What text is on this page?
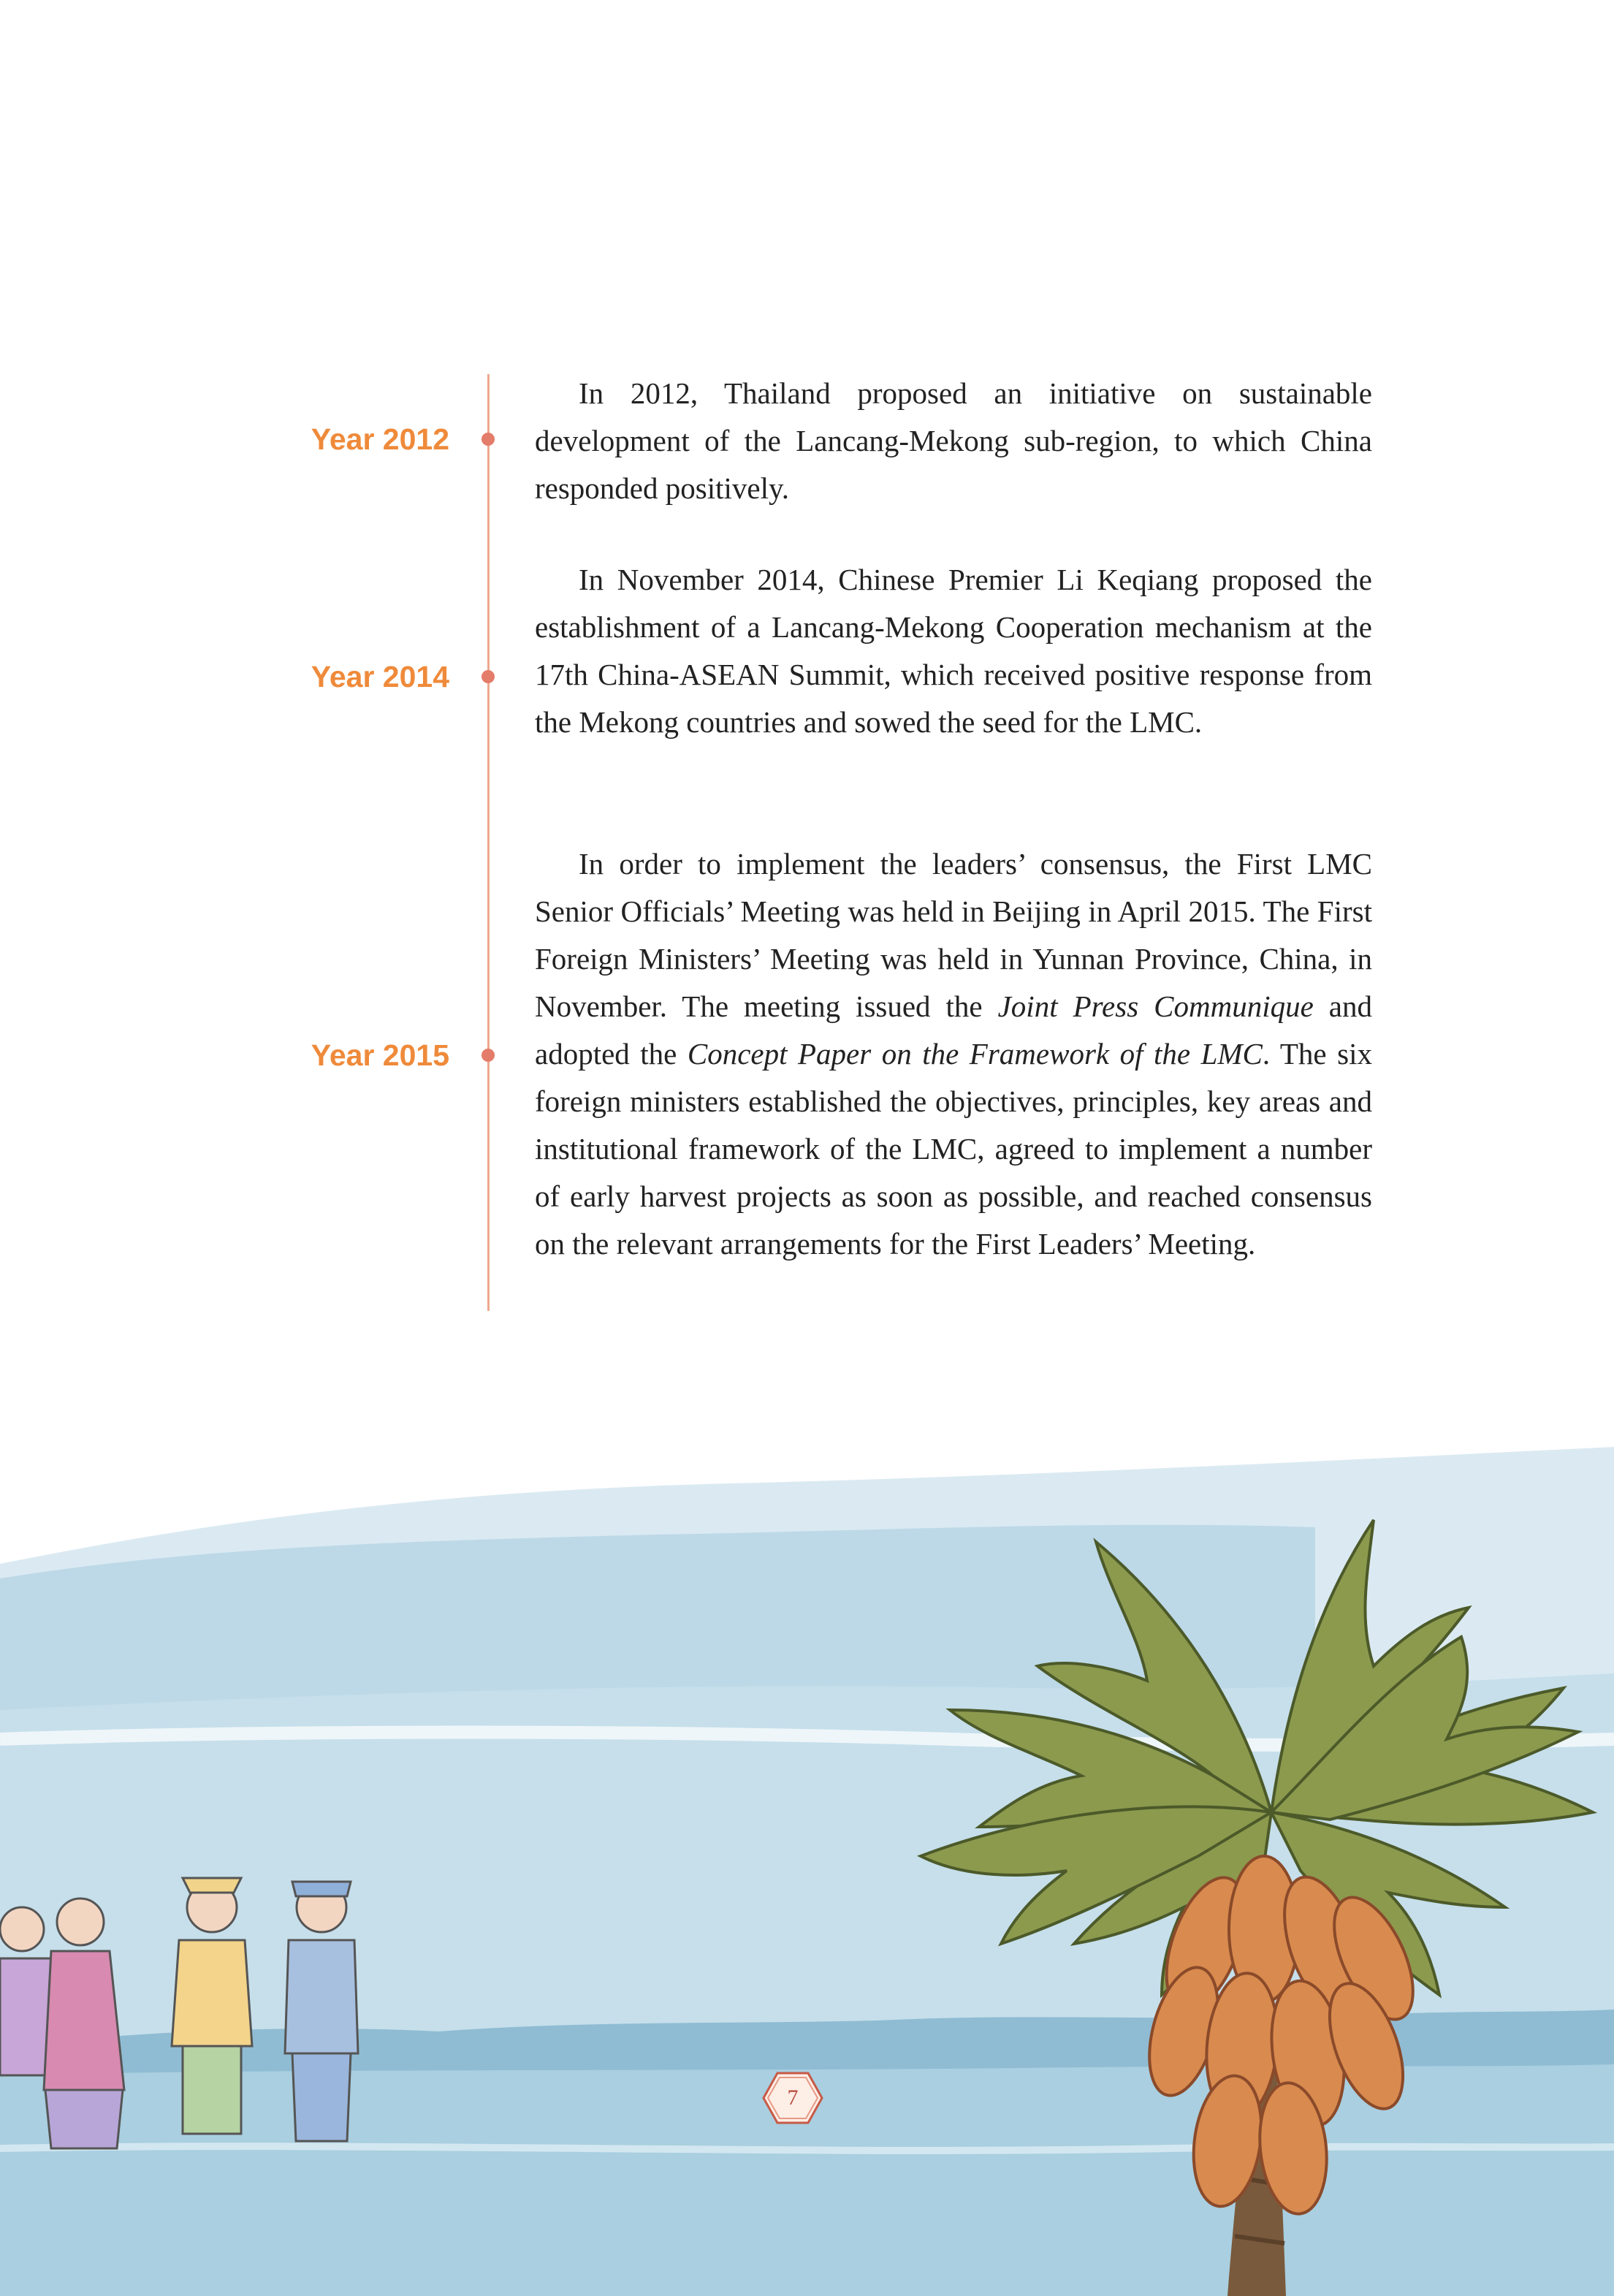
Year 2012
Year 2014
Year 2015

In 2012, Thailand proposed an initiative on sustainable development of the Lancang-Mekong sub-region, to which China responded positively.

In November 2014, Chinese Premier Li Keqiang proposed the establishment of a Lancang-Mekong Cooperation mechanism at the 17th China-ASEAN Summit, which received positive response from the Mekong countries and sowed the seed for the LMC.

In order to implement the leaders’ consensus, the First LMC Senior Officials’ Meeting was held in Beijing in April 2015. The First Foreign Ministers’ Meeting was held in Yunnan Province, China, in November. The meeting issued the Joint Press Communique and adopted the Concept Paper on the Framework of the LMC. The six foreign ministers established the objectives, principles, key areas and institutional framework of the LMC, agreed to implement a number of early harvest projects as soon as possible, and reached consensus on the relevant arrangements for the First Leaders’ Meeting.

7
